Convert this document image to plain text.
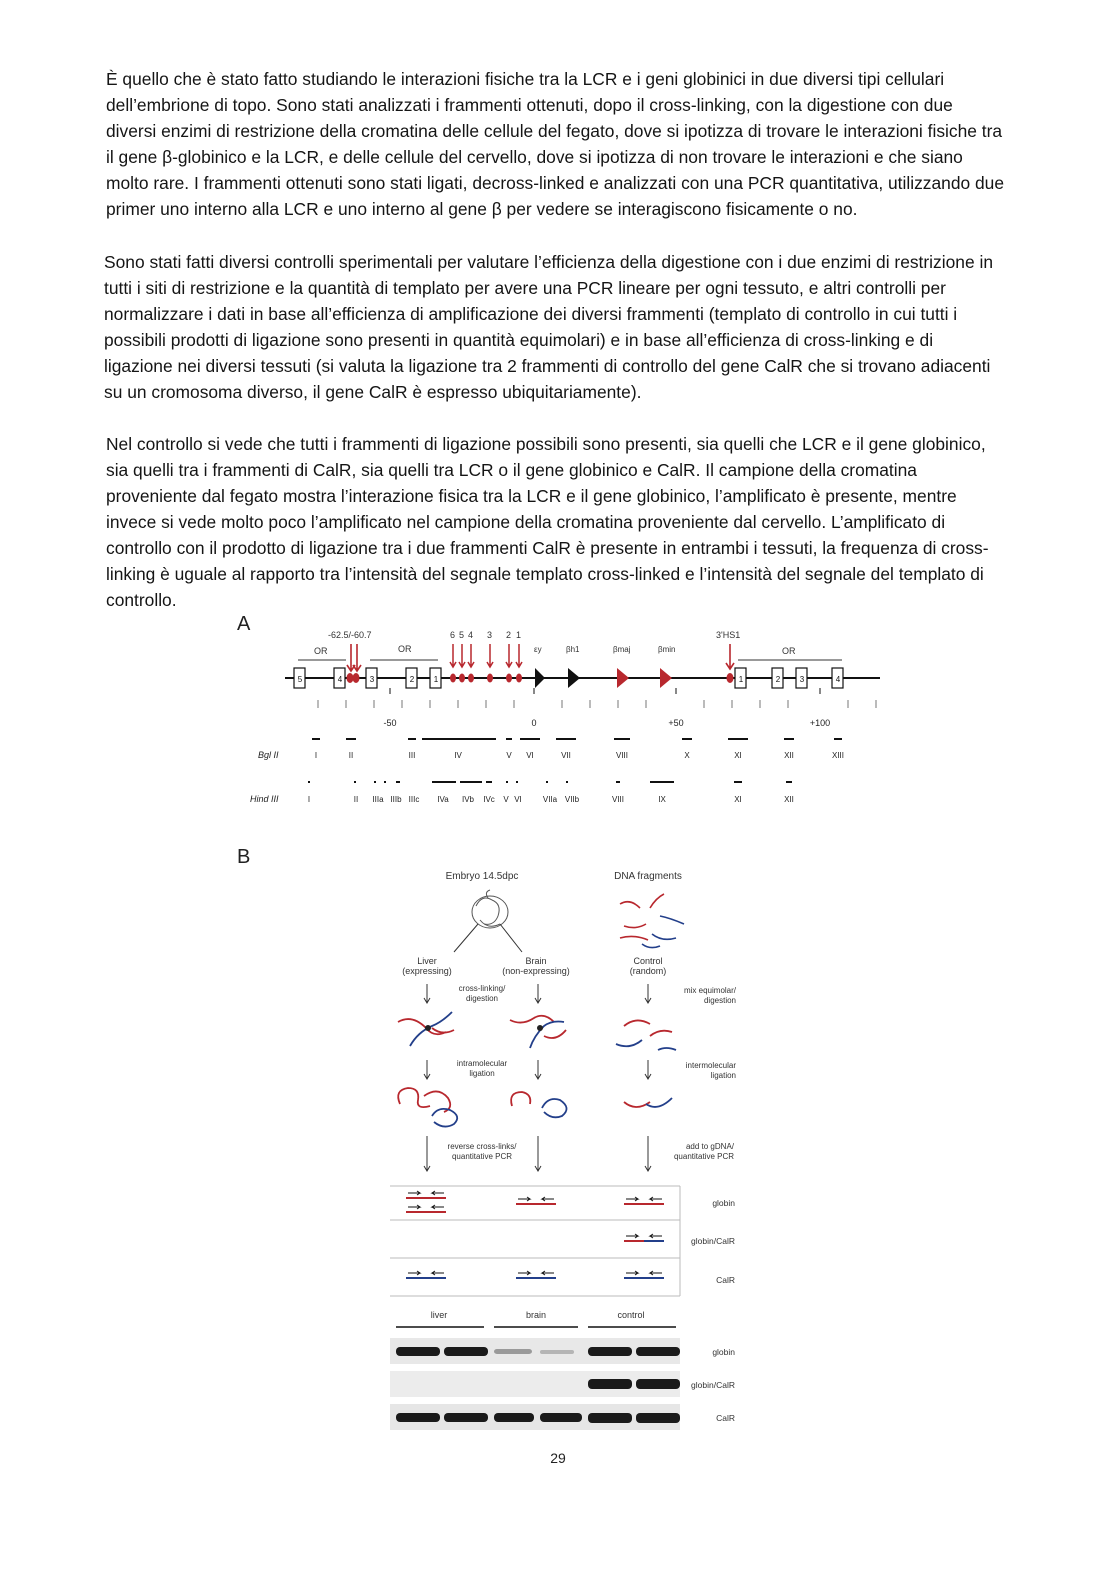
È quello che è stato fatto studiando le interazioni fisiche tra la LCR e i geni globinici in due diversi tipi cellulari dell’embrione di topo. Sono stati analizzati i frammenti ottenuti, dopo il cross-linking, con la digestione con due diversi enzimi di restrizione della cromatina delle cellule del fegato, dove si ipotizza di trovare le interazioni fisiche tra il gene β-globinico e la LCR, e delle cellule del cervello, dove si ipotizza di non trovare le interazioni e che siano molto rare. I frammenti ottenuti sono stati ligati, decross-linked e analizzati con una PCR quantitativa, utilizzando due primer uno interno alla LCR e uno interno al gene β per vedere se interagiscono fisicamente o no.

Sono stati fatti diversi controlli sperimentali per valutare l’efficienza della digestione con i due enzimi di restrizione in tutti i siti di restrizione e la quantità di templato per avere una PCR lineare per ogni tessuto, e altri controlli per normalizzare i dati in base all’efficienza di amplificazione dei diversi frammenti (templato di controllo in cui tutti i possibili prodotti di ligazione sono presenti in quantità equimolari) e in base all’efficienza di cross-linking e di ligazione nei diversi tessuti (si valuta la ligazione tra 2 frammenti di controllo del gene CalR che si trovano adiacenti su un cromosoma diverso, il gene CalR è espresso ubiquitariamente).

Nel controllo si vede che tutti i frammenti di ligazione possibili sono presenti, sia quelli che LCR e il gene globinico, sia quelli tra i frammenti di CalR, sia quelli tra LCR o il gene globinico e CalR. Il campione della cromatina proveniente dal fegato mostra l’interazione fisica tra la LCR e il gene globinico, l’amplificato è presente, mentre invece si vede molto poco l’amplificato nel campione della cromatina proveniente dal cervello. L’amplificato di controllo con il prodotto di ligazione tra i due frammenti CalR è presente in entrambi i tessuti, la frequenza di cross-linking è uguale al rapporto tra l’intensità del segnale templato cross-linked e l’intensità del segnale del templato di controllo.

A
B
OR	OR	OR
-62.5/-60.7	6 5 4 3 2 1
εy	βh1	βmaj	βmin
3'HS1
5	4	3	2 1	1	2 3	4
-50	0	+50	+100
Bgl II	I	II	III	IV	V VI	VII	VIII	X	XI	XII	XIII
Hind III	I	II IIIa IIIb IIIc IVa IVb IVc V VI	VIIa VIIb	VIII	IX	XI	XII
Embryo 14.5dpc	DNA fragments
Liver
(expressing)
Brain
(non-expressing)
Control
(random)
cross-linking/
digestion
mix equimolar/
digestion
intramolecular
ligation
intermolecular
ligation
reverse cross-links/
quantitative PCR
add to gDNA/
quantitative PCR
globin
globin/CalR
CalR
liver	brain	control
globin
globin/CalR
CalR
29
